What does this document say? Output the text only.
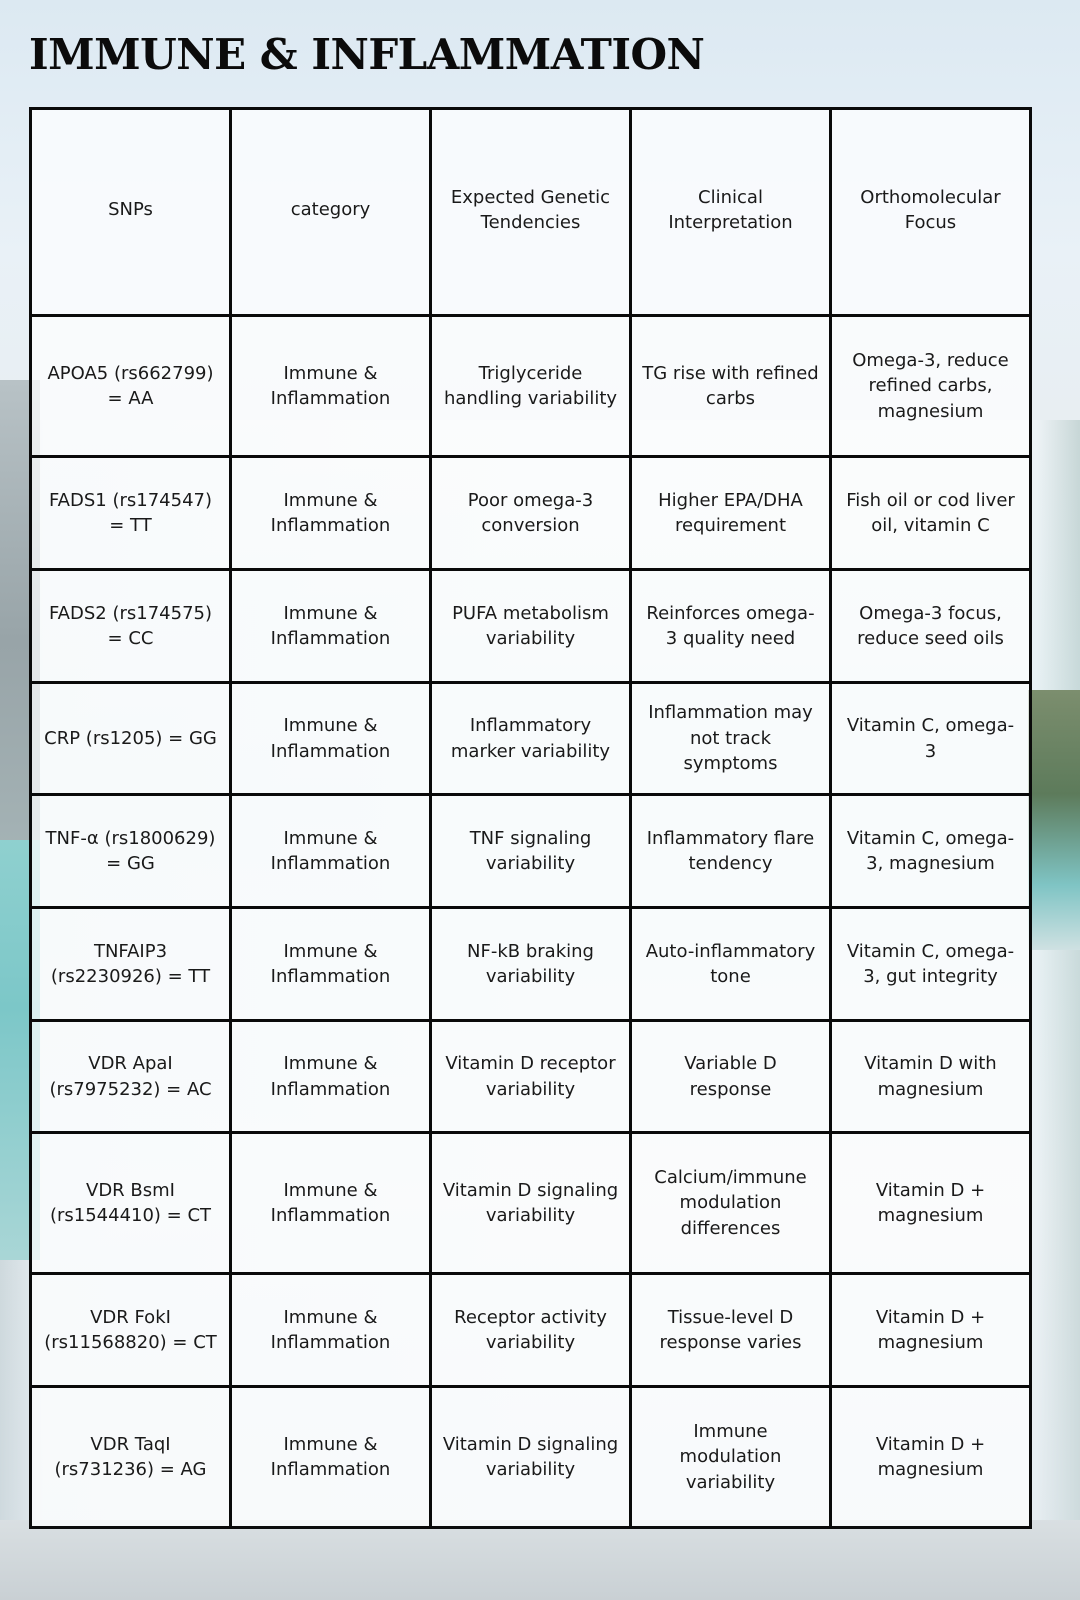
IMMUNE & INFLAMMATION
SNPs	category	Expected Genetic Tendencies	Clinical Interpretation	Orthomolecular Focus
APOA5 (rs662799) = AA	Immune & Inflammation	Triglyceride handling variability	TG rise with refined carbs	Omega-3, reduce refined carbs, magnesium
FADS1 (rs174547) = TT	Immune & Inflammation	Poor omega-3 conversion	Higher EPA/DHA requirement	Fish oil or cod liver oil, vitamin C
FADS2 (rs174575) = CC	Immune & Inflammation	PUFA metabolism variability	Reinforces omega-3 quality need	Omega-3 focus, reduce seed oils
CRP (rs1205) = GG	Immune & Inflammation	Inflammatory marker variability	Inflammation may not track symptoms	Vitamin C, omega-3
TNF-α (rs1800629) = GG	Immune & Inflammation	TNF signaling variability	Inflammatory flare tendency	Vitamin C, omega-3, magnesium
TNFAIP3 (rs2230926) = TT	Immune & Inflammation	NF-kB braking variability	Auto-inflammatory tone	Vitamin C, omega-3, gut integrity
VDR ApaI (rs7975232) = AC	Immune & Inflammation	Vitamin D receptor variability	Variable D response	Vitamin D with magnesium
VDR BsmI (rs1544410) = CT	Immune & Inflammation	Vitamin D signaling variability	Calcium/immune modulation differences	Vitamin D + magnesium
VDR FokI (rs11568820) = CT	Immune & Inflammation	Receptor activity variability	Tissue-level D response varies	Vitamin D + magnesium
VDR TaqI (rs731236) = AG	Immune & Inflammation	Vitamin D signaling variability	Immune modulation variability	Vitamin D + magnesium
